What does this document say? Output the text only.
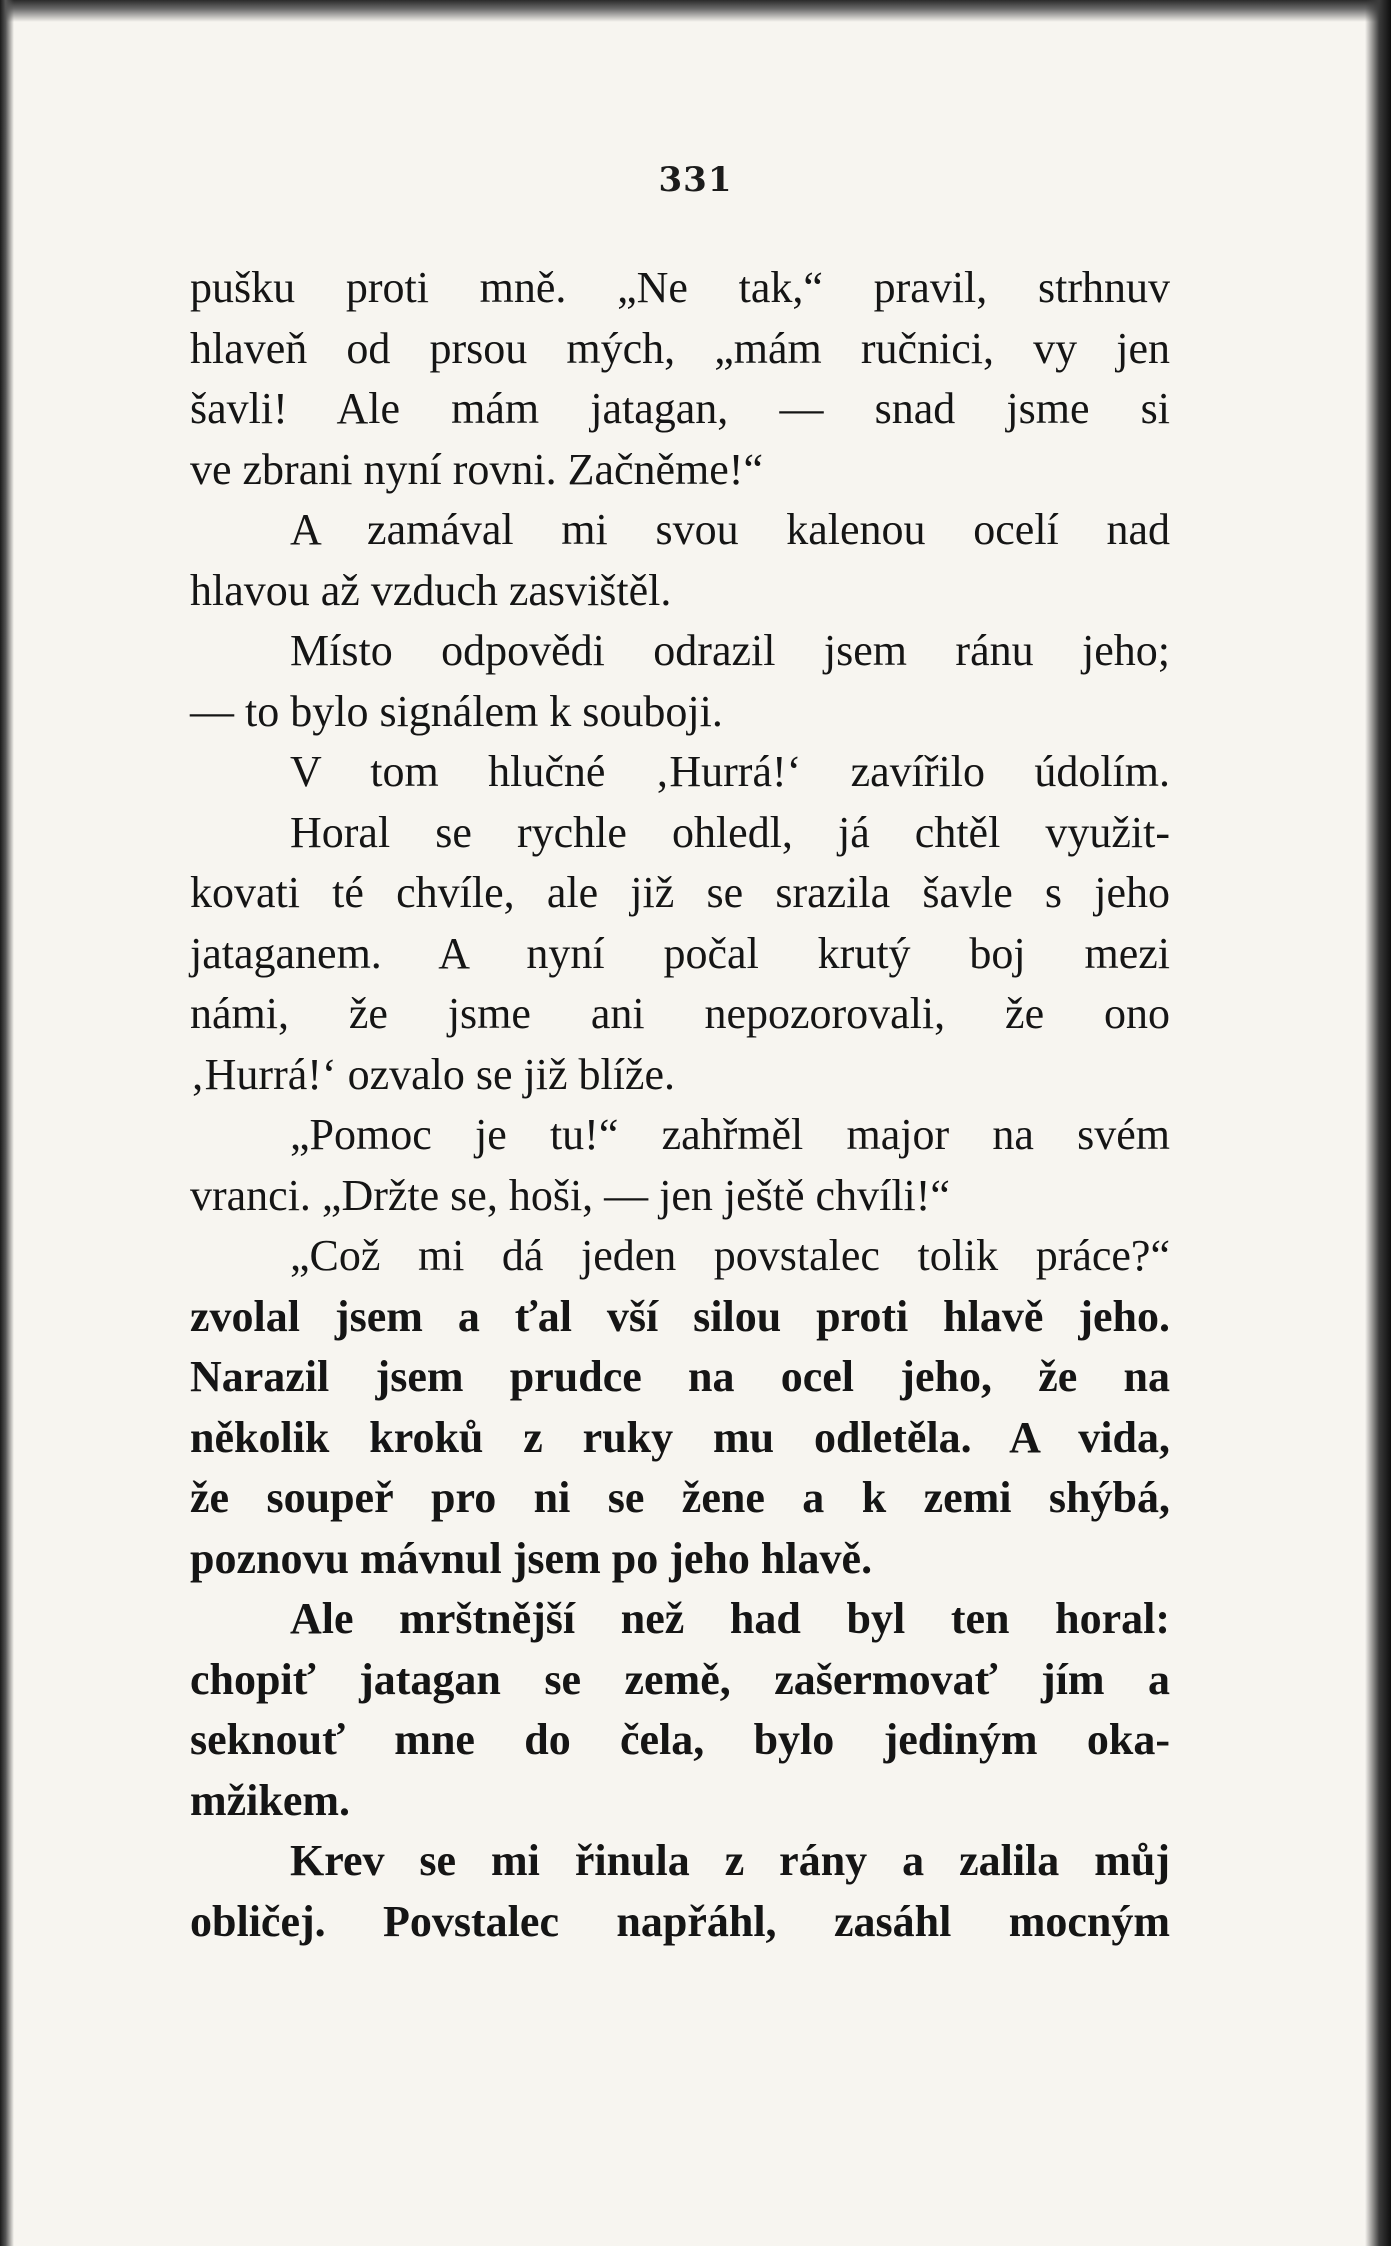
331
pušku proti mně. „Ne tak,“ pravil, strhnuv
hlaveň od prsou mých, „mám ručnici, vy jen
šavli! Ale mám jatagan, — snad jsme si
ve zbrani nyní rovni. Začněme!“
A zamával mi svou kalenou ocelí nad
hlavou až vzduch zasvištěl.
Místo odpovědi odrazil jsem ránu jeho;
— to bylo signálem k souboji.
V tom hlučné ‚Hurrá!‘ zavířilo údolím.
Horal se rychle ohledl, já chtěl využit-
kovati té chvíle, ale již se srazila šavle s jeho
jataganem. A nyní počal krutý boj mezi
námi, že jsme ani nepozorovali, že ono
‚Hurrá!‘ ozvalo se již blíže.
„Pomoc je tu!“ zahřměl major na svém
vranci. „Držte se, hoši, — jen ještě chvíli!“
„Což mi dá jeden povstalec tolik práce?“
zvolal jsem a ťal vší silou proti hlavě jeho.
Narazil jsem prudce na ocel jeho, že na
několik kroků z ruky mu odletěla. A vida,
že soupeř pro ni se žene a k zemi shýbá,
poznovu mávnul jsem po jeho hlavě.
Ale mrštnější než had byl ten horal:
chopiť jatagan se země, zašermovať jím a
seknouť mne do čela, bylo jediným oka-
mžikem.
Krev se mi řinula z rány a zalila můj
obličej. Povstalec napřáhl, zasáhl mocným
